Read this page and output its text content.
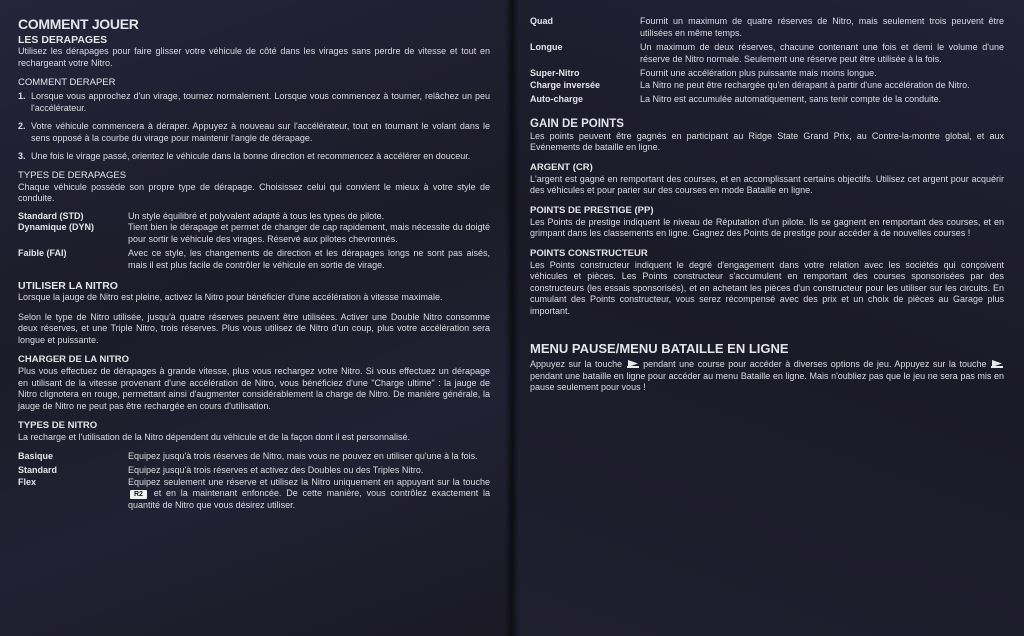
COMMENT JOUER
LES DERAPAGES

Utilisez les dérapages pour faire glisser votre véhicule de côté dans les virages sans perdre de vitesse et tout en rechargeant votre Nitro.

COMMENT DERAPER
1. Lorsque vous approchez d'un virage, tournez normalement. Lorsque vous commencez à tourner, relâchez un peu l'accélérateur.
2. Votre véhicule commencera à déraper. Appuyez à nouveau sur l'accélérateur, tout en tournant le volant dans le sens opposé à la courbe du virage pour maintenir l'angle de dérapage.
3. Une fois le virage passé, orientez le véhicule dans la bonne direction et recommencez à accélérer en douceur.
TYPES DE DERAPAGES

Chaque véhicule possède son propre type de dérapage. Choisissez celui qui convient le mieux à votre style de conduite.

Standard (STD)	Un style équilibré et polyvalent adapté à tous les types de pilote.
Dynamique (DYN)	Tient bien le dérapage et permet de changer de cap rapidement, mais nécessite du doigté pour sortir le véhicule des virages. Réservé aux pilotes chevronnés.
Faible (FAI)	Avec ce style, les changements de direction et les dérapages longs ne sont pas aisés, mais il est plus facile de contrôler le véhicule en sortie de virage.
UTILISER LA NITRO

Lorsque la jauge de Nitro est pleine, activez la Nitro pour bénéficier d'une accélération à vitesse maximale.

Selon le type de Nitro utilisée, jusqu'à quatre réserves peuvent être utilisées. Activer une Double Nitro consomme deux réserves, et une Triple Nitro, trois réserves. Plus vous utilisez de Nitro d'un coup, plus votre accélération sera longue et puissante.

CHARGER DE LA NITRO

Plus vous effectuez de dérapages à grande vitesse, plus vous rechargez votre Nitro. Si vous effectuez un dérapage en utilisant de la vitesse provenant d'une accélération de Nitro, vous bénéficiez d'une "Charge ultime" : la jauge de Nitro clignotera en rouge, permettant ainsi d'augmenter considérablement la charge de Nitro. De manière générale, la jauge de Nitro ne peut pas être rechargée en cours d'utilisation.

TYPES DE NITRO

La recharge et l'utilisation de la Nitro dépendent du véhicule et de la façon dont il est personnalisé.

Basique	Equipez jusqu'à trois réserves de Nitro, mais vous ne pouvez en utiliser qu'une à la fois.
Standard	Equipez jusqu'à trois réserves et activez des Doubles ou des Triples Nitro.
Flex	Equipez seulement une réserve et utilisez la Nitro uniquement en appuyant sur la touche R2 et en la maintenant enfoncée. De cette manière, vous contrôlez exactement la quantité de Nitro que vous désirez utiliser.
Quad	Fournit un maximum de quatre réserves de Nitro, mais seulement trois peuvent être utilisées en même temps.
Longue	Un maximum de deux réserves, chacune contenant une fois et demi le volume d'une réserve de Nitro normale. Seulement une réserve peut être utilisée à la fois.
Super-Nitro	Fournit une accélération plus puissante mais moins longue.
Charge inversée	La Nitro ne peut être rechargée qu'en dérapant à partir d'une accélération de Nitro.
Auto-charge	La Nitro est accumulée automatiquement, sans tenir compte de la conduite.
GAIN DE POINTS

Les points peuvent être gagnés en participant au Ridge State Grand Prix, au Contre-la-montre global, et aux Evénements de bataille en ligne.

ARGENT (CR)

L'argent est gagné en remportant des courses, et en accomplissant certains objectifs. Utilisez cet argent pour acquérir des véhicules et pour parier sur des courses en mode Bataille en ligne.

POINTS DE PRESTIGE (PP)

Les Points de prestige indiquent le niveau de Réputation d'un pilote. Ils se gagnent en remportant des courses, et en grimpant dans les classements en ligne. Gagnez des Points de prestige pour accéder à de nouvelles courses !

POINTS CONSTRUCTEUR

Les Points constructeur indiquent le degré d'engagement dans votre relation avec les sociétés qui conçoivent véhicules et pièces. Les Points constructeur s'accumulent en remportant des courses sponsorisées par des constructeurs (les essais sponsorisés), et en achetant les pièces d'un constructeur pour les utiliser sur les circuits. En cumulant des Points constructeur, vous serez récompensé avec des prix et un choix de pièces au Garage plus important.

MENU PAUSE/MENU BATAILLE EN LIGNE

Appuyez sur la touche pendant une course pour accéder à diverses options de jeu. Appuyez sur la touche  pendant une bataille en ligne pour accéder au menu Bataille en ligne. Mais n'oubliez pas que le jeu ne sera pas mis en pause seulement pour vous !
